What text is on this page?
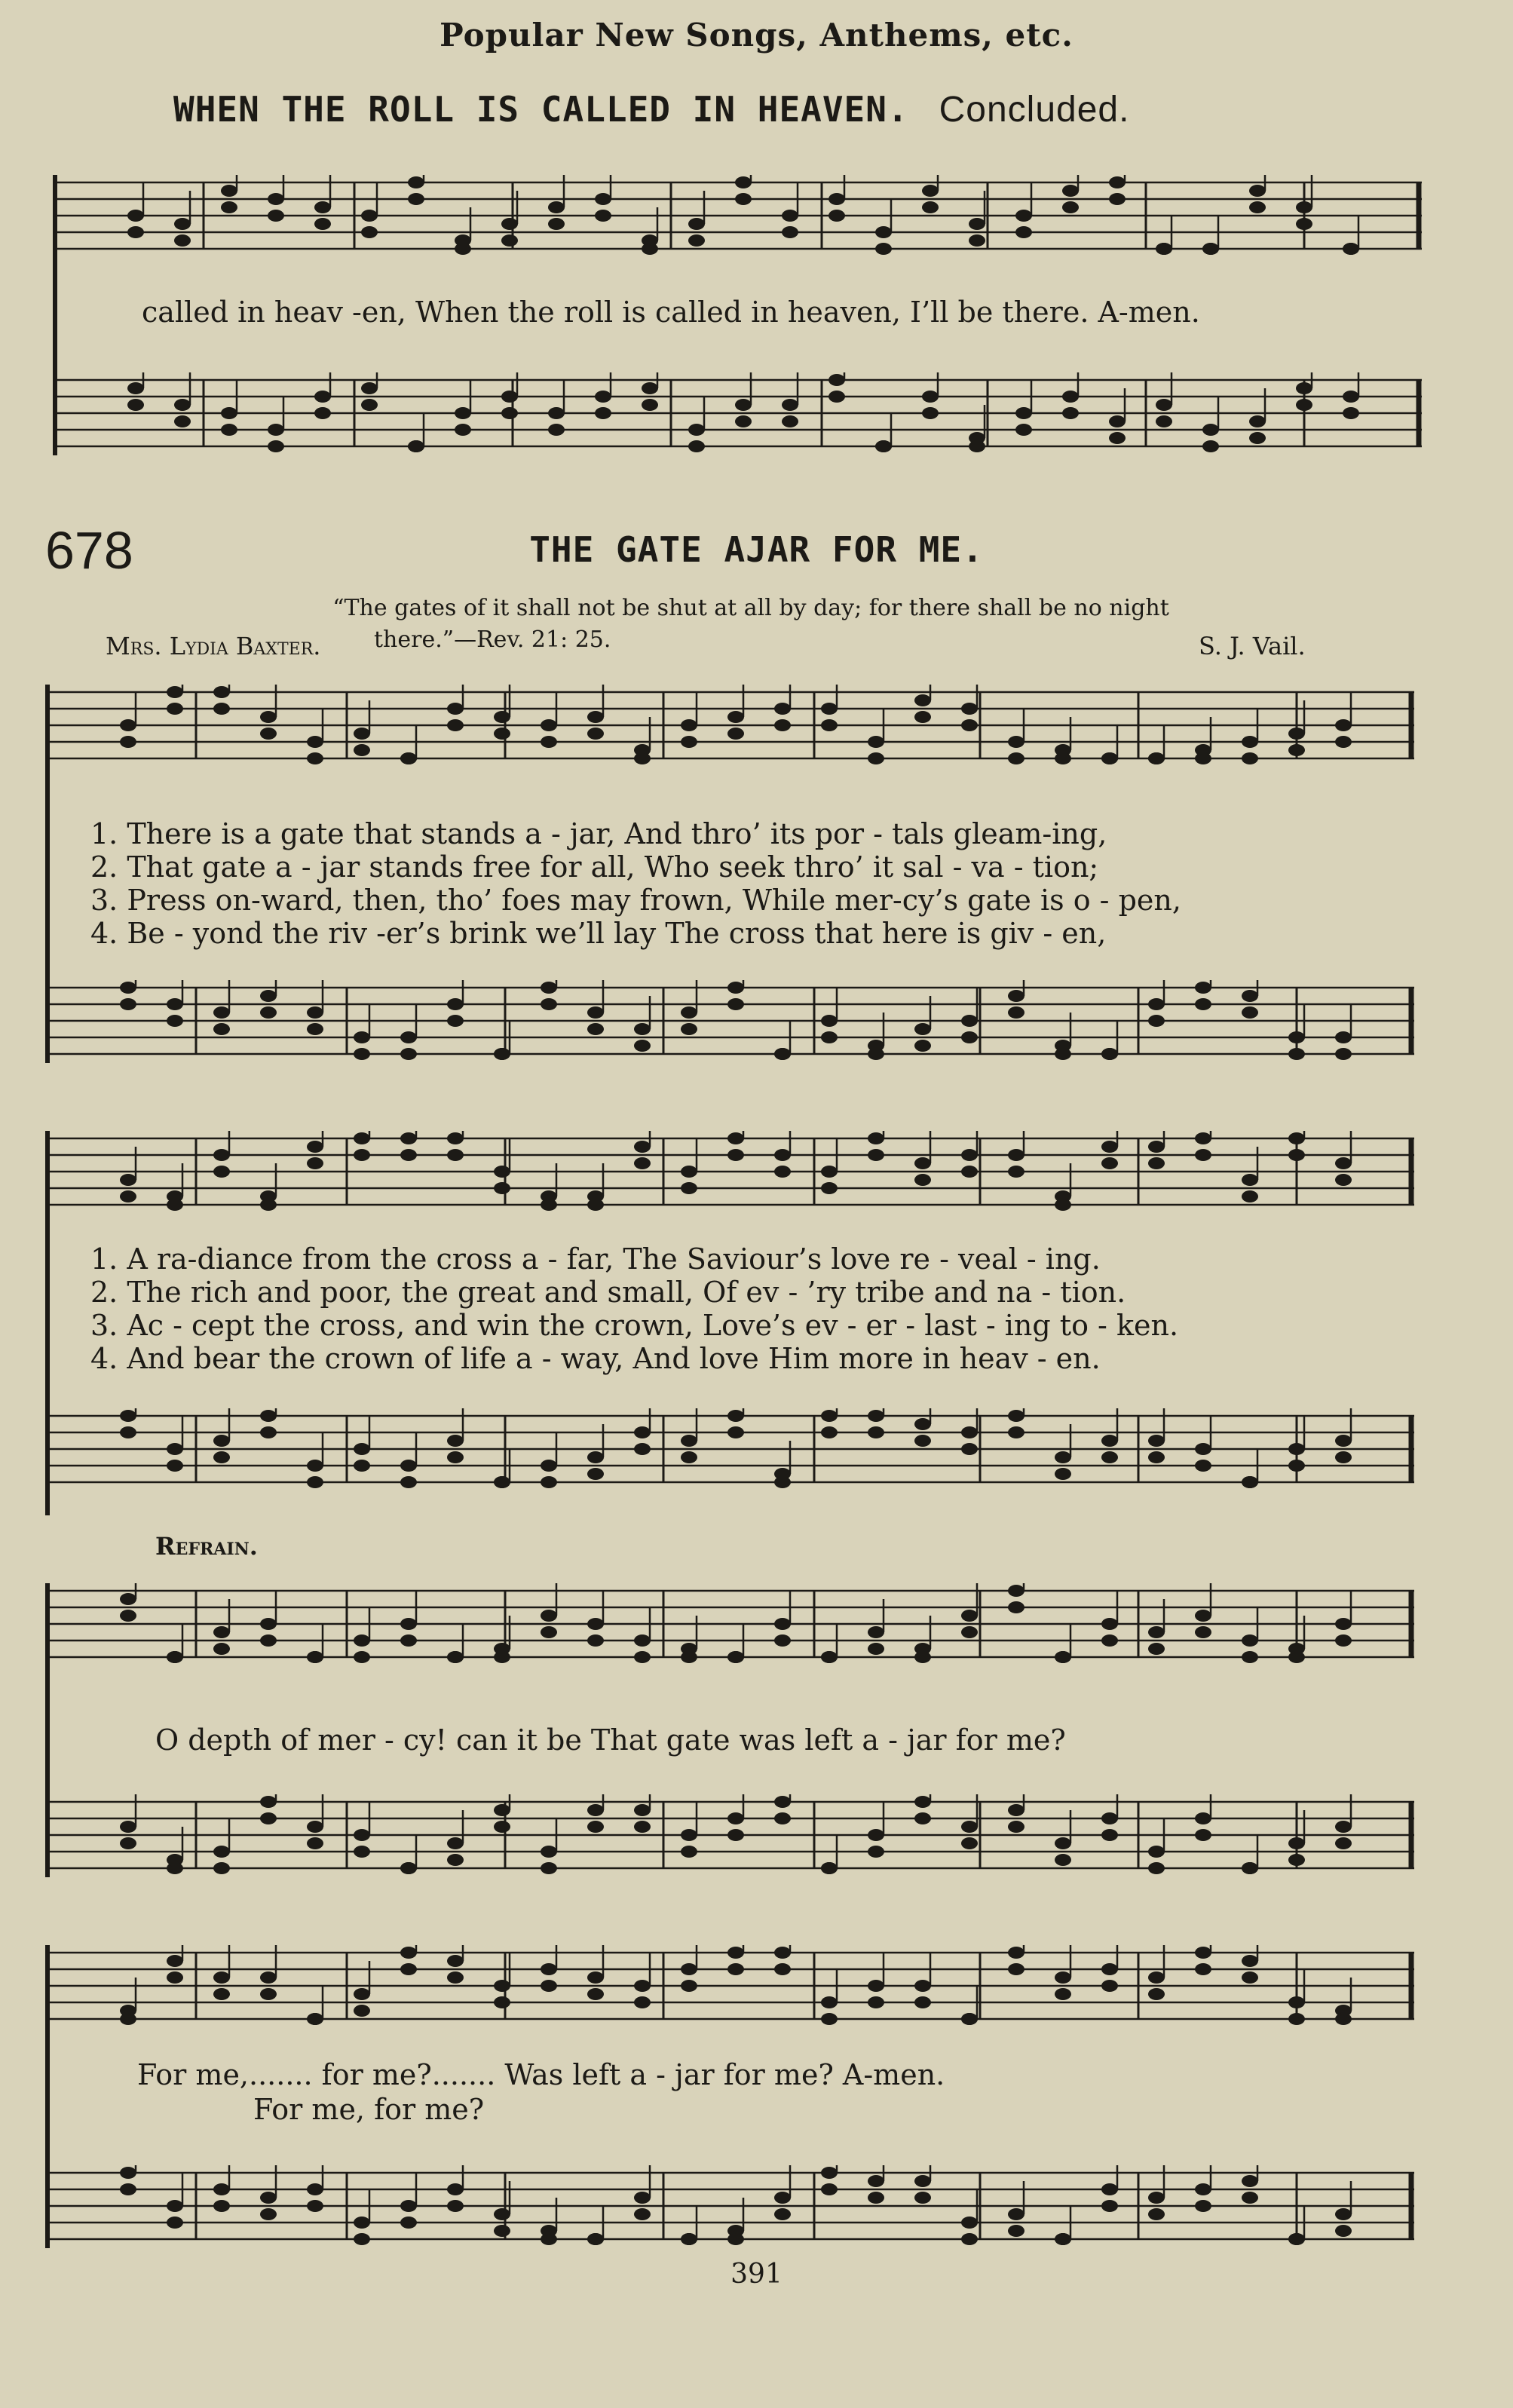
Popular New Songs, Anthems, etc.
WHEN THE ROLL IS CALLED IN HEAVEN. Concluded.
called in heav -en, When the roll is called in heaven, I’ll be there. A-men.
678	THE GATE AJAR FOR ME.
“The gates of it shall not be shut at all by day; for there shall be no night
there.”—Rev. 21: 25.
Mrs. Lydia Baxter.	S. J. Vail.
1. There is a gate that stands a - jar, And thro’ its por - tals gleam-ing,
2. That gate a - jar stands free for all, Who seek thro’ it sal - va - tion;
3. Press on-ward, then, tho’ foes may frown, While mer-cy’s gate is o - pen,
4. Be - yond the riv -er’s brink we’ll lay The cross that here is giv - en,
1. A ra-diance from the cross a - far, The Saviour’s love re - veal - ing.
2. The rich and poor, the great and small, Of ev - ’ry tribe and na - tion.
3. Ac - cept the cross, and win the crown, Love’s ev - er - last - ing to - ken.
4. And bear the crown of life a - way, And love Him more in heav - en.
Refrain.
O depth of mer - cy! can it be That gate was left a - jar for me?
For me,....... for me?....... Was left a - jar for me? A-men.
For me, for me?
391
